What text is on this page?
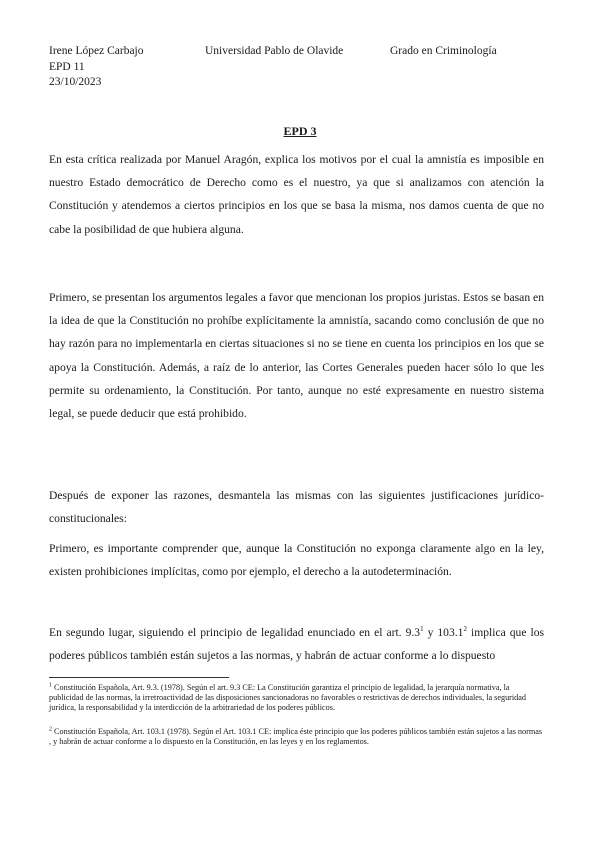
Irene López Carbajo	Universidad Pablo de Olavide	Grado en Criminología
EPD 11
23/10/2023
EPD 3

En esta crítica realizada por Manuel Aragón, explica los motivos por el cual la amnistía es imposible en nuestro Estado democrático de Derecho como es el nuestro, ya que si analizamos con atención la Constitución y atendemos a ciertos principios en los que se basa la misma, nos damos cuenta de que no cabe la posibilidad de que hubiera alguna.

Primero, se presentan los argumentos legales a favor que mencionan los propios juristas. Estos se basan en la idea de que la Constitución no prohíbe explícitamente la amnistía, sacando como conclusión de que no hay razón para no implementarla en ciertas situaciones si no se tiene en cuenta los principios en los que se apoya la Constitución. Además, a raíz de lo anterior, las Cortes Generales pueden hacer sólo lo que les permite su ordenamiento, la Constitución. Por tanto, aunque no esté expresamente en nuestro sistema legal, se puede deducir que está prohibido.

Después de exponer las razones, desmantela las mismas con las siguientes justificaciones jurídico-constitucionales:

Primero, es importante comprender que, aunque la Constitución no exponga claramente algo en la ley, existen prohibiciones implícitas, como por ejemplo, el derecho a la autodeterminación.

En segundo lugar, siguiendo el principio de legalidad enunciado en el art. $9.3^1$ y 103.1$^2$ implica que los poderes públicos también están sujetos a las normas, y habrán de actuar conforme a lo dispuesto

$^1$ Constitución Española, Art. 9.3. (1978). Según el art. 9.3 CE: La Constitución garantiza el principio de legalidad, la jerarquía normativa, la publicidad de las normas, la irretroactividad de las disposiciones sancionadoras no favorables o restrictivas de derechos individuales, la seguridad jurídica, la responsabilidad y la interdicción de la arbitrariedad de los poderes públicos.

$^2$ Constitución Española, Art. 103.1 (1978). Según el Art. 103.1 CE: implica éste principio que los poderes públicos también están sujetos a las normas , y habrán de actuar conforme a lo dispuesto en la Constitución, en las leyes y en los reglamentos.
